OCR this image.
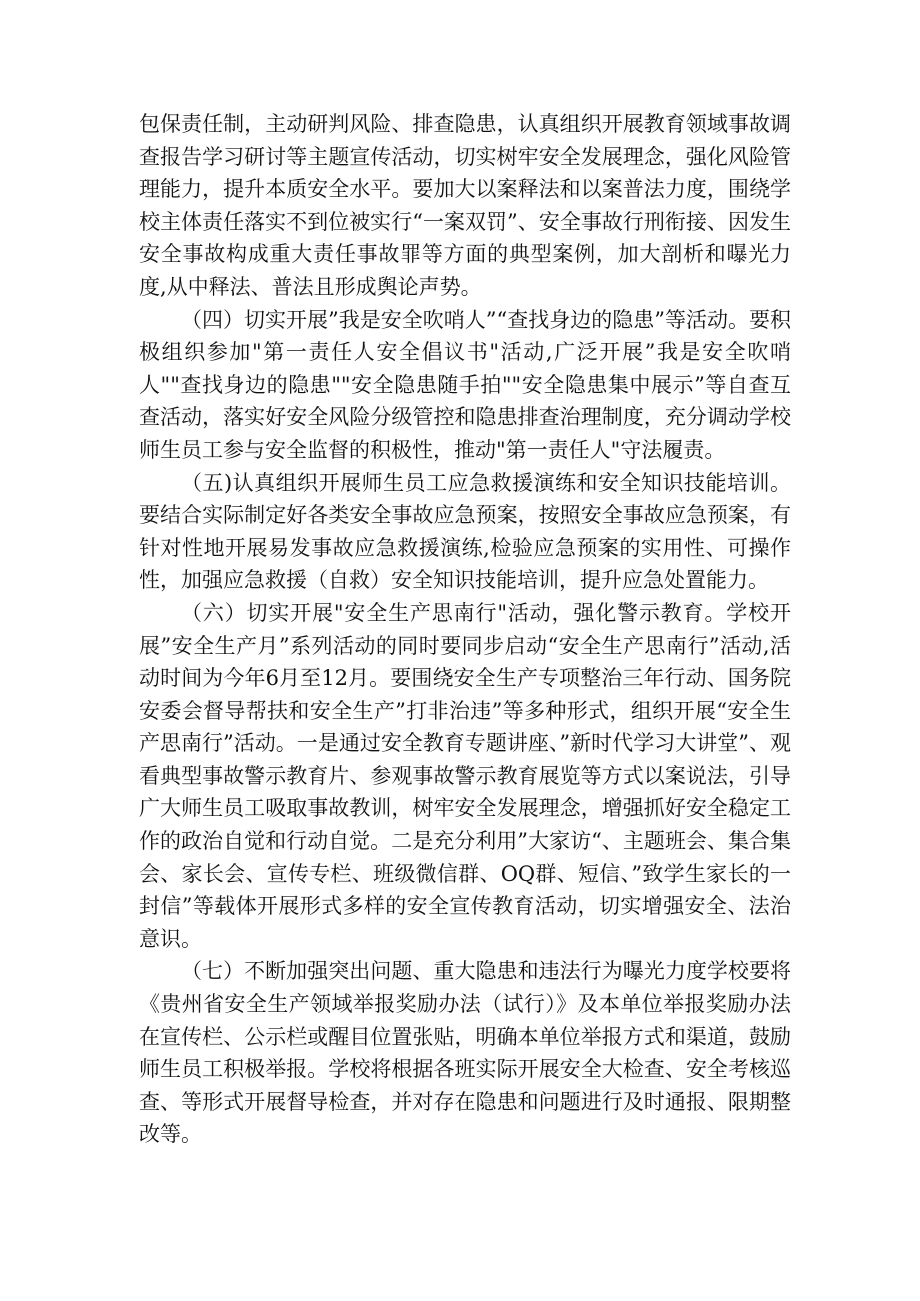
包保责任制，主动研判风险、排查隐患，认真组织开展教育领域事故调查报告学习研讨等主题宣传活动，切实树牢安全发展理念，强化风险管理能力，提升本质安全水平。要加大以案释法和以案普法力度，围绕学校主体责任落实不到位被实行“一案双罚”、安全事故行刑衔接、因发生安全事故构成重大责任事故罪等方面的典型案例，加大剖析和曝光力度,从中释法、普法且形成舆论声势。

（四）切实开展”我是安全吹哨人”“查找身边的隐患”等活动。要积极组织参加"第一责任人安全倡议书"活动,广泛开展”我是安全吹哨人""查找身边的隐患""安全隐患随手拍""安全隐患集中展示”等自查互查活动，落实好安全风险分级管控和隐患排查治理制度，充分调动学校师生员工参与安全监督的积极性，推动"第一责任人"守法履责。

（五)认真组织开展师生员工应急救援演练和安全知识技能培训。要结合实际制定好各类安全事故应急预案，按照安全事故应急预案，有针对性地开展易发事故应急救援演练,检验应急预案的实用性、可操作性，加强应急救援（自救）安全知识技能培训，提升应急处置能力。

（六）切实开展"安全生产思南行"活动，强化警示教育。学校开展”安全生产月”系列活动的同时要同步启动“安全生产思南行”活动,活动时间为今年6月至12月。要围绕安全生产专项整治三年行动、国务院安委会督导帮扶和安全生产”打非治违”等多种形式，组织开展“安全生产思南行”活动。一是通过安全教育专题讲座、”新时代学习大讲堂”、观看典型事故警示教育片、参观事故警示教育展览等方式以案说法，引导广大师生员工吸取事故教训，树牢安全发展理念，增强抓好安全稳定工作的政治自觉和行动自觉。二是充分利用”大家访“、主题班会、集合集会、家长会、宣传专栏、班级微信群、OQ群、短信、”致学生家长的一封信”等载体开展形式多样的安全宣传教育活动，切实增强安全、法治意识。

（七）不断加强突出问题、重大隐患和违法行为曝光力度学校要将《贵州省安全生产领域举报奖励办法（试行）》及本单位举报奖励办法在宣传栏、公示栏或醒目位置张贴，明确本单位举报方式和渠道，鼓励师生员工积极举报。学校将根据各班实际开展安全大检查、安全考核巡查、等形式开展督导检查，并对存在隐患和问题进行及时通报、限期整改等。
